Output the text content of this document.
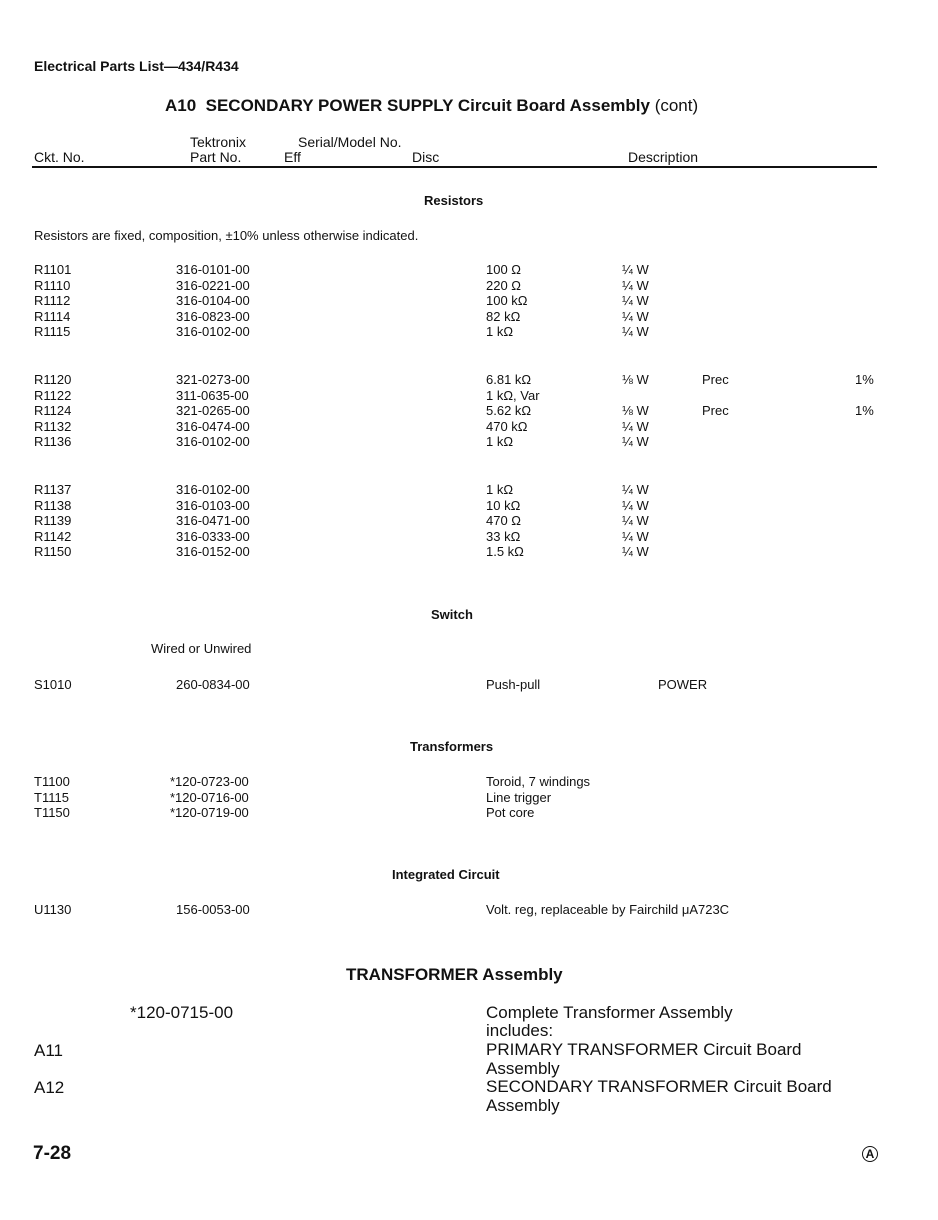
Electrical Parts List—434/R434
A10  SECONDARY POWER SUPPLY Circuit Board Assembly (cont)
Tektronix	Serial/Model No.
Ckt. No.	Part No.	Eff	Disc	Description
Resistors
Resistors are fixed, composition, ±10% unless otherwise indicated.
R1101	316-0101-00	100 Ω	¼ W
R1110	316-0221-00	220 Ω	¼ W
R1112	316-0104-00	100 kΩ	¼ W
R1114	316-0823-00	82 kΩ	¼ W
R1115	316-0102-00	1 kΩ	¼ W
R1120	321-0273-00	6.81 kΩ	⅛ W	Prec	1%
R1122	311-0635-00	1 kΩ, Var
R1124	321-0265-00	5.62 kΩ	⅛ W	Prec	1%
R1132	316-0474-00	470 kΩ	¼ W
R1136	316-0102-00	1 kΩ	¼ W
R1137	316-0102-00	1 kΩ	¼ W
R1138	316-0103-00	10 kΩ	¼ W
R1139	316-0471-00	470 Ω	¼ W
R1142	316-0333-00	33 kΩ	¼ W
R1150	316-0152-00	1.5 kΩ	¼ W
Switch
Wired or Unwired
S1010	260-0834-00	Push-pull	POWER
Transformers
T1100	*120-0723-00	Toroid, 7 windings
T1115	*120-0716-00	Line trigger
T1150	*120-0719-00	Pot core
Integrated Circuit
U1130	156-0053-00	Volt. reg, replaceable by Fairchild μA723C
TRANSFORMER Assembly
*120-0715-00	Complete Transformer Assembly
includes:
A11	PRIMARY TRANSFORMER Circuit Board
Assembly
A12	SECONDARY TRANSFORMER Circuit Board
Assembly
7-28	A
